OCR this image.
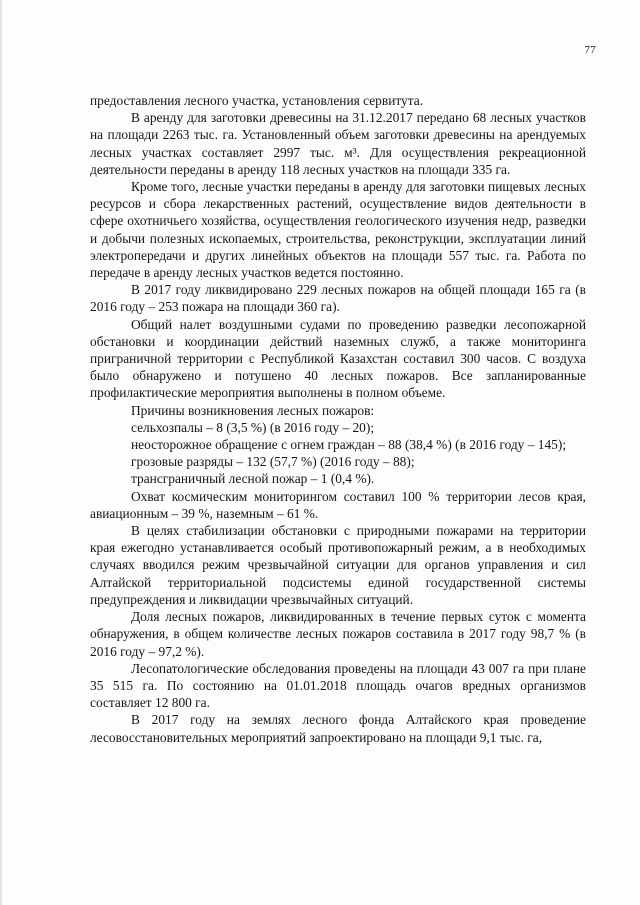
77

предоставления лесного участка, установления сервитута.

В аренду для заготовки древесины на 31.12.2017 передано 68 лесных участков на площади 2263 тыс. га. Установленный объем заготовки древесины на арендуемых лесных участках составляет 2997 тыс. м³. Для осуществления рекреационной деятельности переданы в аренду 118 лесных участков на площади 335 га.

Кроме того, лесные участки переданы в аренду для заготовки пищевых лесных ресурсов и сбора лекарственных растений, осуществление видов деятельности в сфере охотничьего хозяйства, осуществления геологического изучения недр, разведки и добычи полезных ископаемых, строительства, реконструкции, эксплуатации линий электропередачи и других линейных объектов на площади 557 тыс. га. Работа по передаче в аренду лесных участков ведется постоянно.

В 2017 году ликвидировано 229 лесных пожаров на общей площади 165 га (в 2016 году – 253 пожара на площади 360 га).

Общий налет воздушными судами по проведению разведки лесопожарной обстановки и координации действий наземных служб, а также мониторинга приграничной территории с Республикой Казахстан составил 300 часов. С воздуха было обнаружено и потушено 40 лесных пожаров. Все запланированные профилактические мероприятия выполнены в полном объеме.

Причины возникновения лесных пожаров:

сельхозпалы – 8 (3,5 %) (в 2016 году – 20);

неосторожное обращение с огнем граждан – 88 (38,4 %) (в 2016 году – 145);

грозовые разряды – 132 (57,7 %) (2016 году – 88);

трансграничный лесной пожар – 1 (0,4 %).

Охват космическим мониторингом составил 100 % территории лесов края, авиационным – 39 %, наземным – 61 %.

В целях стабилизации обстановки с природными пожарами на территории края ежегодно устанавливается особый противопожарный режим, а в необходимых случаях вводился режим чрезвычайной ситуации для органов управления и сил Алтайской территориальной подсистемы единой государственной системы предупреждения и ликвидации чрезвычайных ситуаций.

Доля лесных пожаров, ликвидированных в течение первых суток с момента обнаружения, в общем количестве лесных пожаров составила в 2017 году 98,7 % (в 2016 году – 97,2 %).

Лесопатологические обследования проведены на площади 43 007 га при плане 35 515 га. По состоянию на 01.01.2018 площадь очагов вредных организмов составляет 12 800 га.

В 2017 году на землях лесного фонда Алтайского края проведение лесовосстановительных мероприятий запроектировано на площади 9,1 тыс. га,
